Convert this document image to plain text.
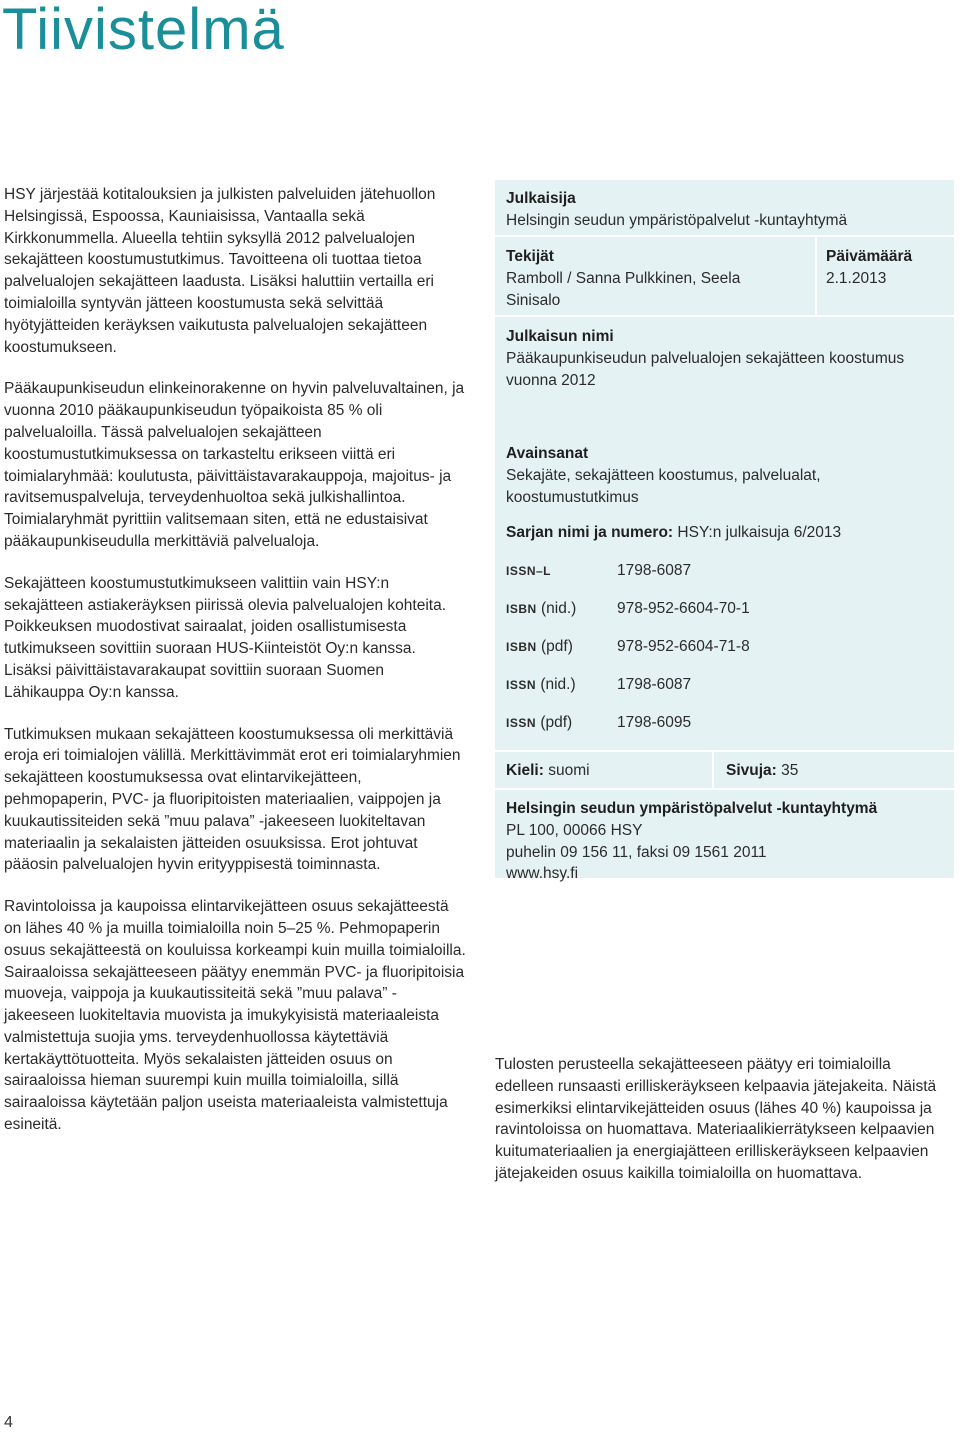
Tiivistelmä

HSY järjestää kotitalouksien ja julkisten palveluiden jätehuollon Helsingissä, Espoossa, Kauniaisissa, Vantaalla sekä Kirkkonummella. Alueella tehtiin syksyllä 2012 palvelualojen sekajätteen koostumustutkimus. Tavoitteena oli tuottaa tietoa palvelualojen sekajätteen laadusta. Lisäksi haluttiin vertailla eri toimialoilla syntyvän jätteen koostumusta sekä selvittää hyötyjätteiden keräyksen vaikutusta palvelualojen sekajätteen koostumukseen.

Pääkaupunkiseudun elinkeinorakenne on hyvin palveluvaltainen, ja vuonna 2010 pääkaupunkiseudun työpaikoista 85 % oli palvelualoilla. Tässä palvelualojen sekajätteen koostumustutkimuksessa on tarkasteltu erikseen viittä eri toimialaryhmää: koulutusta, päivittäistavarakauppoja, majoitus- ja ravitsemuspalveluja, terveydenhuoltoa sekä julkishallintoa. Toimialaryhmät pyrittiin valitsemaan siten, että ne edustaisivat pääkaupunkiseudulla merkittäviä palvelualoja.

Sekajätteen koostumustutkimukseen valittiin vain HSY:n sekajätteen astiakeräyksen piirissä olevia palvelualojen kohteita. Poikkeuksen muodostivat sairaalat, joiden osallistumisesta tutkimukseen sovittiin suoraan HUS-Kiinteistöt Oy:n kanssa. Lisäksi päivittäistavarakaupat sovittiin suoraan Suomen Lähikauppa Oy:n kanssa.

Tutkimuksen mukaan sekajätteen koostumuksessa oli merkittäviä eroja eri toimialojen välillä. Merkittävimmät erot eri toimialaryhmien sekajätteen koostumuksessa ovat elintarvikejätteen, pehmopaperin, PVC- ja fluoripitoisten materiaalien, vaippojen ja kuukautissiteiden sekä ”muu palava” -jakeeseen luokiteltavan materiaalin ja sekalaisten jätteiden osuuksissa. Erot johtuvat pääosin palvelualojen hyvin erityyppisestä toiminnasta.

Ravintoloissa ja kaupoissa elintarvikejätteen osuus sekajätteestä on lähes 40 % ja muilla toimialoilla noin 5–25 %. Pehmopaperin osuus sekajätteestä on kouluissa korkeampi kuin muilla toimialoilla. Sairaaloissa sekajätteeseen päätyy enemmän PVC- ja fluoripitoisia muoveja, vaippoja ja kuukautissiteitä sekä ”muu palava” -jakeeseen luokiteltavia muovista ja imukykyisistä materiaaleista valmistettuja suojia yms. terveydenhuollossa käytettäviä kertakäyttötuotteita. Myös sekalaisten jätteiden osuus on sairaaloissa hieman suurempi kuin muilla toimialoilla, sillä sairaaloissa käytetään paljon useista materiaaleista valmistettuja esineitä.

Julkaisija
Helsingin seudun ympäristöpalvelut -kuntayhtymä
Tekijät
Ramboll / Sanna Pulkkinen, Seela Sinisalo
Päivämäärä
2.1.2013
Julkaisun nimi
Pääkaupunkiseudun palvelualojen sekajätteen koostumus vuonna 2012
Avainsanat
Sekajäte, sekajätteen koostumus, palvelualat, koostumustutkimus
Sarjan nimi ja numero: HSY:n julkaisuja 6/2013
ISSN–L	1798-6087
ISBN (nid.)	978-952-6604-70-1
ISBN (pdf)	978-952-6604-71-8
ISSN (nid.)	1798-6087
ISSN (pdf)	1798-6095
Kieli: suomi	Sivuja: 35
Helsingin seudun ympäristöpalvelut -kuntayhtymä
PL 100, 00066 HSY
puhelin 09 156 11, faksi 09 1561 2011
www.hsy.fi
Tulosten perusteella sekajätteeseen päätyy eri toimialoilla edelleen runsaasti erilliskeräykseen kelpaavia jätejakeita. Näistä esimerkiksi elintarvikejätteiden osuus (lähes 40 %) kaupoissa ja ravintoloissa on huomattava. Materiaalikierrätykseen kelpaavien kuitumateriaalien ja energiajätteen erilliskeräykseen kelpaavien jätejakeiden osuus kaikilla toimialoilla on huomattava.
4
